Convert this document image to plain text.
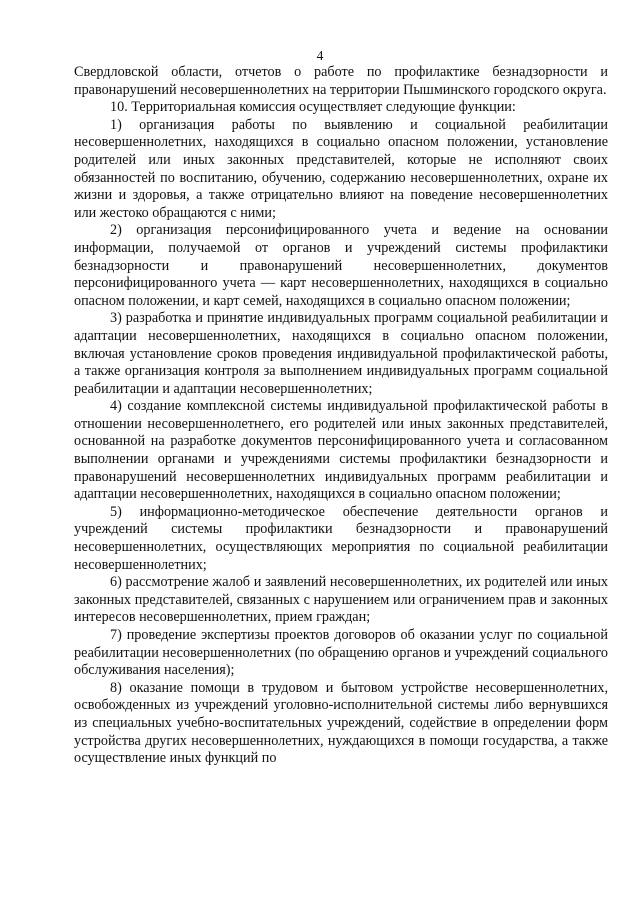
4

Свердловской области, отчетов о работе по профилактике безнадзорности и правонарушений несовершеннолетних на территории Пышминского городского округа.

10. Территориальная комиссия осуществляет следующие функции:

1) организация работы по выявлению и социальной реабилитации несовершеннолетних, находящихся в социально опасном положении, установление родителей или иных законных представителей, которые не исполняют своих обязанностей по воспитанию, обучению, содержанию несовершеннолетних, охране их жизни и здоровья, а также отрицательно влияют на поведение несовершеннолетних или жестоко обращаются с ними;

2) организация персонифицированного учета и ведение на основании информации, получаемой от органов и учреждений системы профилактики безнадзорности и правонарушений несовершеннолетних, документов персонифицированного учета — карт несовершеннолетних, находящихся в социально опасном положении, и карт семей, находящихся в социально опасном положении;

3) разработка и принятие индивидуальных программ социальной реабилитации и адаптации несовершеннолетних, находящихся в социально опасном положении, включая установление сроков проведения индивидуальной профилактической работы, а также организация контроля за выполнением индивидуальных программ социальной реабилитации и адаптации несовершеннолетних;

4) создание комплексной системы индивидуальной профилактической работы в отношении несовершеннолетнего, его родителей или иных законных представителей, основанной на разработке документов персонифицированного учета и согласованном выполнении органами и учреждениями системы профилактики безнадзорности и правонарушений несовершеннолетних индивидуальных программ реабилитации и адаптации несовершеннолетних, находящихся в социально опасном положении;

5) информационно-методическое обеспечение деятельности органов и учреждений системы профилактики безнадзорности и правонарушений несовершеннолетних, осуществляющих мероприятия по социальной реабилитации несовершеннолетних;

6) рассмотрение жалоб и заявлений несовершеннолетних, их родителей или иных законных представителей, связанных с нарушением или ограничением прав и законных интересов несовершеннолетних, прием граждан;

7) проведение экспертизы проектов договоров об оказании услуг по социальной реабилитации несовершеннолетних (по обращению органов и учреждений социального обслуживания населения);

8) оказание помощи в трудовом и бытовом устройстве несовершеннолетних, освобожденных из учреждений уголовно-исполнительной системы либо вернувшихся из специальных учебно-воспитательных учреждений, содействие в определении форм устройства других несовершеннолетних, нуждающихся в помощи государства, а также осуществление иных функций по
